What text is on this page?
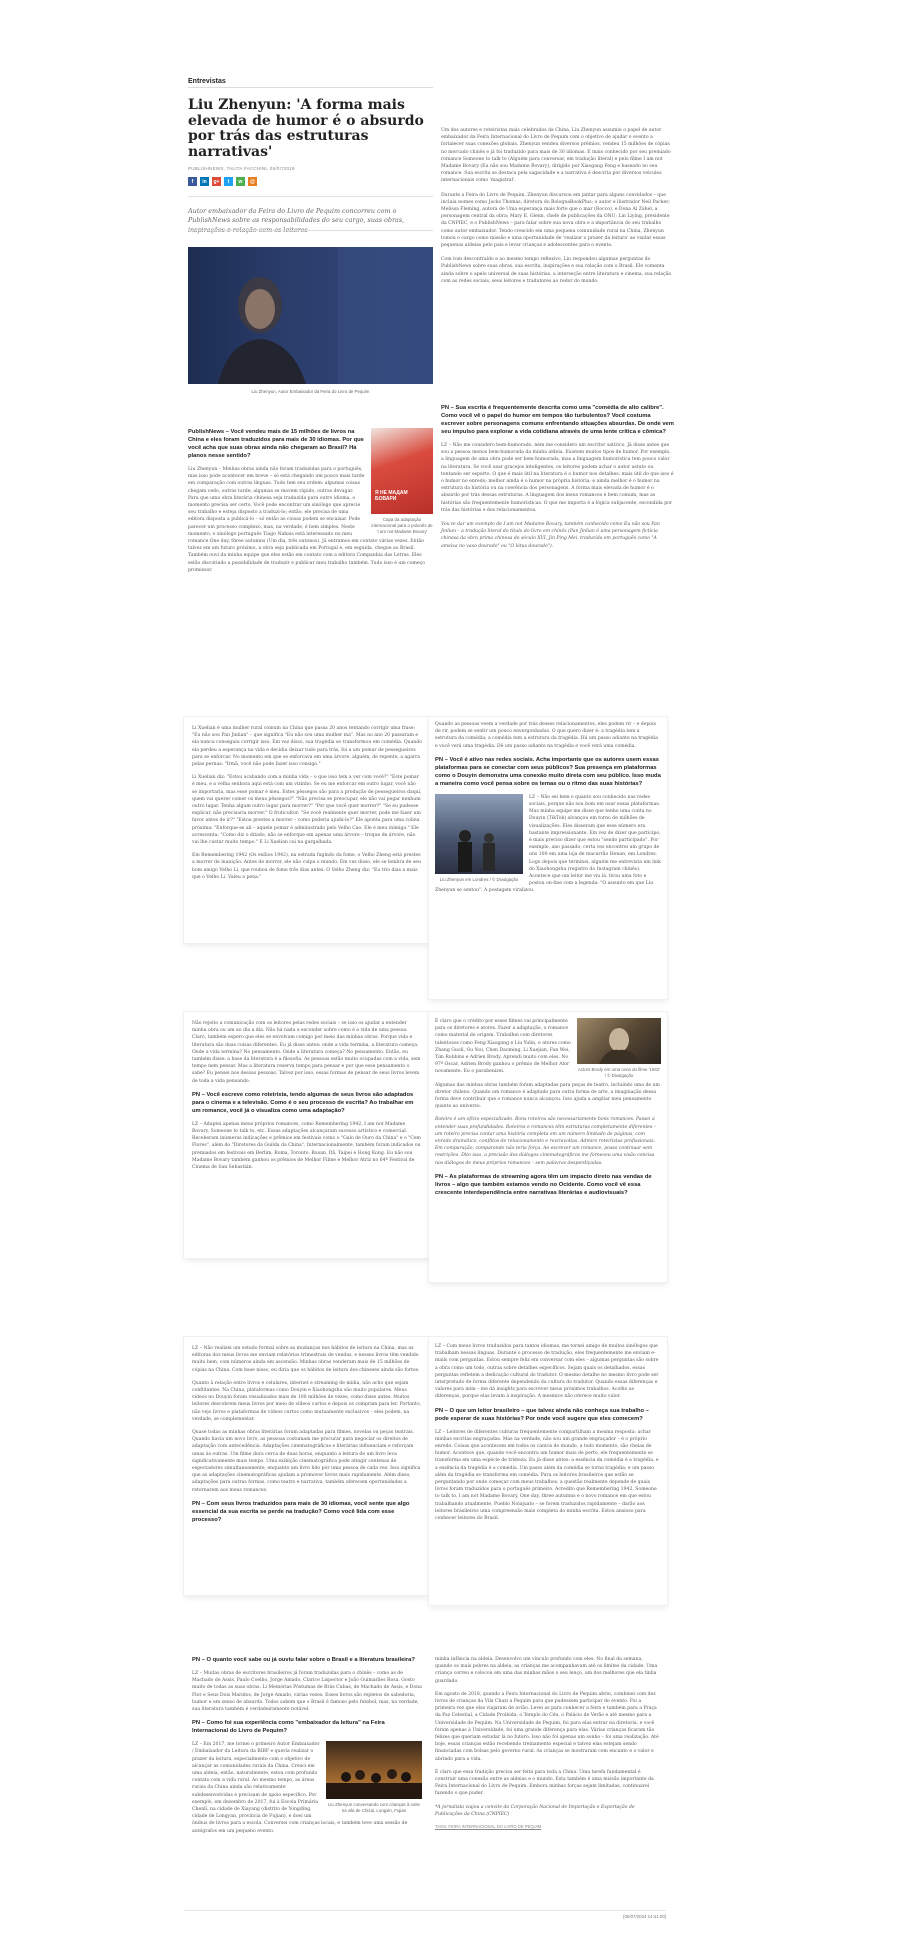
Entrevistas
Liu Zhenyun: 'A forma mais elevada de humor é o absurdo por trás das estruturas narrativas'
PUBLISHNEWS, TALITA FACCHINI, 05/07/2019
f	in	g+	t	w	@

Autor embaixador da Feira do Livro de Pequim concorreu com o PublishNews sobre as responsabilidades do seu cargo, suas obras,

Liu Zhenyun, Autor Embaixador da Feira do Livro de Pequim

Um dos autores e roteiristas mais celebrados da China, Liu Zhenyun assumiu o papel de autor embaixador da Feira Internacional do Livro de Pequim com o objetivo de ajudar o evento a fortalecer suas conexões globais. Zhenyun vendeu diversos prêmios, vendeu 15 milhões de cópias no mercado chinês e já foi traduzido para mais de 30 idiomas. É mais conhecido por seu premiado romance Someone to talk to (Alguém para conversar, em tradução literal) e pelo filme I am not Madame Bovary (Eu não sou Madame Bovary), dirigido por Xiaogang Feng e baseado no seu romance. Sua escrita se destaca pela sagacidade e a narrativa é descrita por diversos veículos internacionais como 'magistral'.

Durante a Feira do Livro de Pequim, Zhenyun discursou em jantar para alguns convidados – que incluía nomes como Jacks Thomas, diretora do BolognaBookPlus; o autor e ilustrador Neil Packer; Melissa Fleming, autora de Uma esperança mais forte que o mar (Rocco), e Dona Al Zahel, a personagem central da obra; Mary E. Glenn, chefe de publicações da ONU; Lin Liying, presidente da CNPIEC, e o PublishNews – para falar sobre sua nova obra e a importância do seu trabalho como autor embaixador. Tendo crescido em uma pequena comunidade rural na China, Zhenyun tomou o cargo como missão e uma oportunidade de 'realizar o prazer da leitura' ao visitar essas pequenas aldeias pelo país e levar crianças e adolescentes para o evento.

Com tom descontraído e ao mesmo tempo reflexivo, Liu respondeu algumas perguntas do PublishNews sobre suas obras, sua escrita, inspirações e sua relação com o Brasil. Ele comenta ainda sobre o apelo universal de suas histórias, a interseção entre literatura e cinema, sua relação com as redes sociais, seus leitores e tradutores ao redor do mundo.

Я НЕ МАДАМ БОВАРИ
Capa da adaptação internacional para o polonês de 'I am not Madame Bovary'

PublishNews – Você vendeu mais de 15 milhões de livros na China e eles foram traduzidos para mais de 30 idiomas. Por que você acha que suas obras ainda não chegaram ao Brasil? Há planos nesse sentido?

Liu Zhenyun – Minhas obras ainda não foram traduzidas para o português, mas isso pode acontecer em breve – só está chegando um pouco mais tarde em comparação com outras línguas. Tudo tem seu ordem: algumas coisas chegam cedo, outras tarde; algumas se movem rápido, outras devagar. Para que uma obra literária chinesa seja traduzida para outro idioma, o momento precisa ser certo. Você pode encontrar um sinólogo que aprecie seu trabalho e esteja disposto a traduzi-lo; então, ele precisa de uma editora disposta a publicá-lo – só então as coisas podem se encaixar. Pode parecer um processo complexo, mas, na verdade, é bem simples. Neste momento, o sinólogo português Tiago Nabais está interessado no meu romance One day, three autumns (Um dia, três outonos). Já entramos em contato várias vezes. Então talvez em um futuro próximo, a obra seja publicada em Portugal e, em seguida, chegue ao Brasil. Também ouvi da minha equipe que eles estão em contato com a editora Companhia das Letras. Eles estão discutindo a possibilidade de traduzir e publicar meu trabalho também. Tudo isso é um começo promissor.

PN – Sua escrita é frequentemente descrita como uma "comédia de alto calibre". Como você vê o papel do humor em tempos tão turbulentos? Você costuma escrever sobre personagens comuns enfrentando situações absurdas. De onde vem seu impulso para explorar a vida cotidiana através de uma lente crítica e cômica?

LZ – Não me considero bem-humorado, nem me considero um escritor satírico. Já disse antes que sou a pessoa menos bem-humorada da minha aldeia. Existem muitos tipos de humor. Por exemplo, a linguagem de uma obra pode ser bem-humorada, mas a linguagem humorística tem pouco valor na literatura. Se você usar gracejos inteligentes, os leitores podem achar o autor astuto ou tentando ser esperto. O que é mais útil na literatura é o humor nos detalhes: mais útil do que isso é o humor no enredo; melhor ainda é o humor na própria história; e ainda melhor é o humor na estrutura da história ou na coerência dos personagens. A forma mais elevada de humor é o absurdo por trás dessas estruturas. A linguagem dos meus romances é bem comum, mas as histórias são frequentemente humorísticas. O que me importa é a lógica subjacente, escondida por trás das histórias e dos relacionamentos.

Vou te dar um exemplo de I am not Madame Bovary, também conhecido como Eu não sou Pan Jinlian – a tradução literal do título do livro em chinês (Pan Jinlian é uma personagem fictícia chinesa da obra prima chinesa do século XVI, Jin Ping Mei, traduzida em português como "A ameixa no vaso dourado" ou "O lótus dourado").

Li Xuelian é uma mulher rural comum na China que passa 20 anos tentando corrigir uma frase: "Eu não sou Pan Jinlian" – que significa "Eu não sou uma mulher má". Mas no ano 20 passaram e ela nunca conseguiu corrigir isso. Em vez disso, sua tragédia se transformou em comédia. Quando ela perdeu a esperança na vida e decidiu deixar tudo para trás, foi a um pomar de pessegueiros para se enforcar. No momento em que se enforcava em uma árvore, alguém, de repente, a agarra pelas pernas: "Irmã, você não pode fazer isso consigo."

Li Xuelian diz: "Estou acabando com a minha vida – o que isso tem a ver com você?" "Este pomar é meu, e a velha senhora aqui está com um vizinho. Se eu me enforcar em outro lugar, você não se importaria, mas esse pomar é meu. Estes pêssegos são para a produção de pessegueiros daqui, quem vai querer comer os meus pêssegos?" "Não precisa se preocupar, ele não vai pegar nenhum outro lugar. Tenha algum outro lugar para morrer?" "Por que você quer morrer?" "Se eu pudesse explicar, não precisaria morrer." O fruticultor: "Se você realmente quer morrer, pode me fazer um favor antes de ir?" "Estou prestes a morrer – como poderia ajudá-lo?" Ele aponta para uma colina próxima: "Enforque-se ali – aquele pomar é administrado pelo Velho Cao. Ele é meu inimigo." Ele acrescenta: "Como diz o ditado, não se enforque em apenas uma árvore – troque de árvore, não vai lhe custar muito tempo." E Li Xuelian cai na gargalhada.

Em Remembering 1942 (Os exílios 1942), na estrada fugindo da fome, o Velho Zheng está prestes a morrer de inanição. Antes de morrer, ele não culpa o mundo. Em vez disso, ele se lembra de seu bom amigo Velho Li, que roubou de fome três dias antes. O Velho Zheng diz: "Eu trio dias a mais que o Velho Li. Valeu a pena."

Quando as pessoas veem a verdade por trás desses relacionamentos, eles podem rir – e depois de rir, podem se sentir um pouco envergonhadas. O que quero dizer é: a tragédia tem a estrutura da comédia; a comédia tem a estrutura da tragédia. Há um passo adiante na tragédia e você verá uma tragédia. Dê um passo adiante na tragédia e você verá uma comédia.

PN – Você é ativo nas redes sociais. Acha importante que os autores usem essas plataformas para se conectar com seus públicos? Sua presença em plataformas como o Douyin demonstra uma conexão muito direta com seu público. Isso muda a maneira como você pensa sobre os temas ou o ritmo das suas histórias?

Liu Zhenyun em Londres / © Divulgação

LZ – Não sei bem o quanto sou conhecido nas redes sociais, porque não sou bom em usar essas plataformas. Mas minha equipe me disse que tenho uma conta no Douyin (TikTok) alcançou em torno de milhões de visualizações. Eles disseram que esse número era bastante impressionante. Em vez de dizer que participo, é mais preciso dizer que estou "sendo participado". Por exemplo, ano passado, certa vez encontrei um grupo de uns 100 em uma loja de macarrão Henan, em Londres. Logo depois que terminei, alguém me entrevista um link do Xiaohongshu (registro do Instagram chinês). Acontece que um leitor me viu lá, tirou uma foto e postou on-line com a legenda: "O assunto em que Liu Zhenyun se sentou". A postagem viralizou.

Não rejeito a comunicação com os leitores pelas redes sociais – se isso os ajudar a entender minha obra ou um ao dia a dia. Não há nada a esconder sobre como é a vida de uma pessoa. Claro, também espero que eles se envolvam comigo por meio das minhas obras. Porque vida e literatura são duas coisas diferentes. Eu já disse antes: onde a vida termina, a literatura começa. Onde a vida termina? No pensamento. Onde a literatura começa? No pensamento. Então, eu também disse: a base da literatura é a filosofia. As pessoas estão muito ocupadas com a vida, sem tempo nem pensar. Mas a literatura reserva tempo para pensar e por que esse pensamento o sabe? Eu pensei nos dessas pessoas. Talvez por isso, essas formas de pensar de seus livros levem de toda a vida pensando.

PN – Você escreve como roteirista, tendo algumas de seus livros são adaptados para o cinema e a televisão. Como é o seu processo de escrita? Ao trabalhar em um romance, você já o visualiza como uma adaptação?

LZ – Adaptei apenas meus próprios romances, como Remembering 1942, I am not Madame Bovary, Someone to talk to, etc. Essas adaptações alcançaram sucesso artístico e comercial. Receberam inúmeras indicações e prêmios em festivais como o "Galo de Ouro da China" e o "Cem Flores", além do "Diretores da Guilda da China". Internacionalmente, também foram indicados ou premiados em festivais em Berlim, Roma, Toronto, Busan, Ítã, Taipei e Hong Kong. Eu não sou Madame Bovary também ganhou os prêmios de Melhor Filme e Melhor Atriz no 64º Festival de Cinema de San Sebastián.

Actors Brody em uma cena do filme '1942' / © Divulgação

É claro que o crédito por esses filmes vai principalmente para os diretores e atores. Fazer a adaptação, o romance como material de origem. Trabalhei com diretores talentosos como Feng Xiaogang e Liu Yulin, e atores como Zhang Guoli, Gu You, Chen Daoming, Li Xuejian, Fan Wei, Tim Robbins e Adrien Brody. Aprendi muito com eles. No 97º Oscar, Adrien Brody ganhou o prêmio de Melhor Ator novamente. Eu o parabenizei.

Algumas das minhas obras também foram adaptadas para peças de teatro, incluindo uma de um diretor chileno. Quando um romance é adaptado para outra forma de arte, a imaginação dessa forma deve contribuir que o romance nunca alcançou. Isso ajuda a ampliar meu pensamento quanto ao universo.

Roteiro é um ofício especializado. Bons roteiros são necessariamente bons romances. Passei a entender suas profundidades. Roteiros e romances têm estruturas completamente diferentes – um roteiro precisa contar uma história completa em um número limitado de páginas, com enredo dramático, conflitos de relacionamento e reviravoltas. Admiro roteiristas profissionais. Em comparação, comparando não teria força. Ao escrever um romance, posso continuar sem restrições. Dito isso, a precisão dos diálogos cinematográficos me forneceu uma visão concisa nos diálogos de meus próprios romances – sem palavras desperdiçadas.

PN – As plataformas de streaming agora têm um impacto direto nas vendas de livros – algo que também estamos vendo no Ocidente. Como você vê essa crescente interdependência entre narrativas literárias e audiovisuais?

LZ – Não realizei um estudo formal sobre as mudanças nos hábitos de leitura na China, mas as editoras dos meus livros me enviam relatórios trimestrais de vendas, e nesses livros têm vendido muito bem, com números ainda em ascensão. Minhas obras venderam mais de 15 milhões de cópias na China. Com base nisso, eu diria que os hábitos de leitura dos chineses ainda são fortes.

Quanto à relação entre livros e celulares, internet e streaming de mídia, não acho que sejam conflitantes. Na China, plataformas como Douyin e Xiaohongshu são muito populares. Meus vídeos no Douyin foram visualizados mais de 100 milhões de vezes, como disse antes. Muitos leitores descobrem meus livros por meio de vídeos curtos e depois os compram para ler. Portanto, não vejo livros e plataformas de vídeos curtos como mutuamente exclusivos – eles podem, na verdade, se complementar.

Quase todas as minhas obras literárias foram adaptadas para filmes, novelas ou peças teatrais. Quando havia um novo livro, as pessoas costumam me procurar para negociar os direitos de adaptação com antecedência. Adaptações cinematográficas e literárias influenciam e reforçam umas às outras. Um filme dura cerca de duas horas, enquanto a leitura de um livro leva significativamente mais tempo. Uma exibição cinematográfica pode atingir centenas de espectadores simultaneamente, enquanto um livro lido por uma pessoa de cada vez. Isso significa que as adaptações cinematográficas ajudam a promover livros mais rapidamente. Além disso, adaptações para outras formas, como teatro e narrativa, também oferecem oportunidades a retornarem aos meus romances.

PN – Com seus livros traduzidos para mais de 30 idiomas, você sente que algo essencial da sua escrita se perde na tradução? Como você lida com esse processo?

LZ – Com meus livros traduzidos para tantos idiomas, me tornei amigo de muitos sinólogos que trabalham nessas línguas. Durante o processo de tradução, eles frequentemente me enviam e-mails com perguntas. Estou sempre feliz em conversar com eles – algumas perguntas são sobre a obra como um todo, outras sobre detalhes específicos. Sejam quais os detalhados, essas perguntas refletem a dedicação cultural do tradutor. O mesmo detalhe no mesmo livro pode ser interpretado de forma diferente dependendo da cultura do tradutor. Quando essas diferenças e valores para mim – me dá insights para escrever meus próximos trabalhos. Acolho as diferenças, porque elas levam à inspiração. A mesmice não oferece muito valor.

PN – O que um leitor brasileiro – que talvez ainda não conheça sua trabalho – pode esperar de suas histórias? Por onde você sugere que eles comecem?

LZ – Leitores de diferentes culturas frequentemente compartilham a mesma resposta: achar minhas escritas engraçadas. Mas na verdade, não sou um grande engraçador – é o próprio enredo. Coisas que acontecem em todos os cantos do mundo, a todo momento, são cheias de humor. Acontece que, quando você encontra um humor mais de perto, ele frequentemente se transforma em uma espécie de tristeza. Eu já disse antes: a essência da comédia é a tragédia, e a essência da tragédia é a comédia. Um passo além da comédia se torna tragédia; e um passo além da tragédia se transforma em comédia. Para os leitores brasileiros que estão se perguntando por onde começar com meus trabalhos, a questão realmente depende de quais livros foram traduzidos para o português primeiro. Acredito que Remembering 1942, Someone to talk to, I am not Madame Bovary, One day, three autumns e o novo romance em que estou trabalhando atualmente, Pueblo Nolajuato – se forem traduzidos rapidamente – darão aos leitores brasileiros uma compreensão mais completa do minha escrita. Estou ansioso para conhecer leitores do Brasil.

PN – O quanto você sabe ou já ouviu falar sobre o Brasil e a literatura brasileira?

LZ – Muitas obras de escritores brasileiros já foram traduzidas para o chinês – como as de Machado de Assis, Paulo Coelho, Jorge Amado, Clarice Lispector e João Guimarães Rosa. Gosto muito de todas as suas obras. Li Memórias Póstumas de Brás Cubas, de Machado de Assis, e Dona Flor e Seus Dois Maridos, de Jorge Amado, várias vezes. Esses livros são repletos de sabedoria, humor e um senso de absurdo. Todos sabem que o Brasil é famoso pelo futebol, mas, na verdade, sua literatura também é verdadeiramente notável.

PN – Como foi sua experiência como "embaixador da leitura" na Feira Internacional do Livro de Pequim?

Liu Zhenyun conversando com crianças à noite na vila de Chizai, Longxin, Fujian

LZ – Em 2017, me tornei o primeiro Autor Embaixador / Embaixador da Leitura da BIBF e queria realizar o prazer da leitura, especialmente com o objetivo de alcançar as comunidades rurais da China. Cresci em uma aldeia, então, naturalmente, estou com profundo contato com a vida rural. Ao mesmo tempo, as áreas rurais da China ainda são relativamente subdesenvolvidas e precisam de apoio específico. Por exemplo, em dezembro de 2017, fui à Escola Primária Chenli, na cidade de Xiayang (distrito de Yongding, cidade de Longyan, província de Fujian), e doei um ônibus de livros para a escola. Conversei com crianças locais, e também teve uma sessão de autógrafos em um pequeno evento.

minha infância na aldeia. Desenvolvo um vínculo profundo com eles. No final da semana, quando os mais pobres na aldeia, as crianças me acompanhavam até os limites da cidade. Uma criança correu e colocou em uma das minhas mãos o seu lenço, um dos melhores que ela tinha guardado.

Em agosto de 2018, quando a Feira Internacional do Livro de Pequim abriu, combinei com dez livros de crianças da Vila Chazi a Pequim para que pudessem participar do evento. Foi a primeira vez que elas viajaram de avião. Levei as para conhecer a feira e também para a Praça da Paz Celestial, a Cidade Proibida, o Templo do Céu, o Palácio de Verão e até mesmo para a Universidade de Pequim. Na Universidade de Pequim, foi para elas entrar na diretoria, e você foram apenas à Universidade, foi uma grande diferença para elas. Várias crianças ficaram tão felizes que queriam estudar lá no futuro. Isso não foi apenas um sonho – foi uma realização. Até hoje, essas crianças estão recebendo treinamento especial e talvez elas estejam sendo financiadas com bolsas pelo governo rural. As crianças se mostraram com encanto e o valor e abrindo para a vida.

É claro que essa tradição precisa ser feita para toda a China. Uma tarefa fundamental é construir uma conexão entre as aldeias e o mundo. Esta também é uma missão importante da Feira Internacional do Livro de Pequim. Embora minhas forças sejam limitadas, continuarei fazendo o que puder.

*A jornalista viajou a convite da Corporação Nacional de Importação e Exportação de Publicações da China (CNPIEC)

TAGS: FEIRA INTERNACIONAL DO LIVRO DE PEQUIM
[05/07/2024 14:41:00]
